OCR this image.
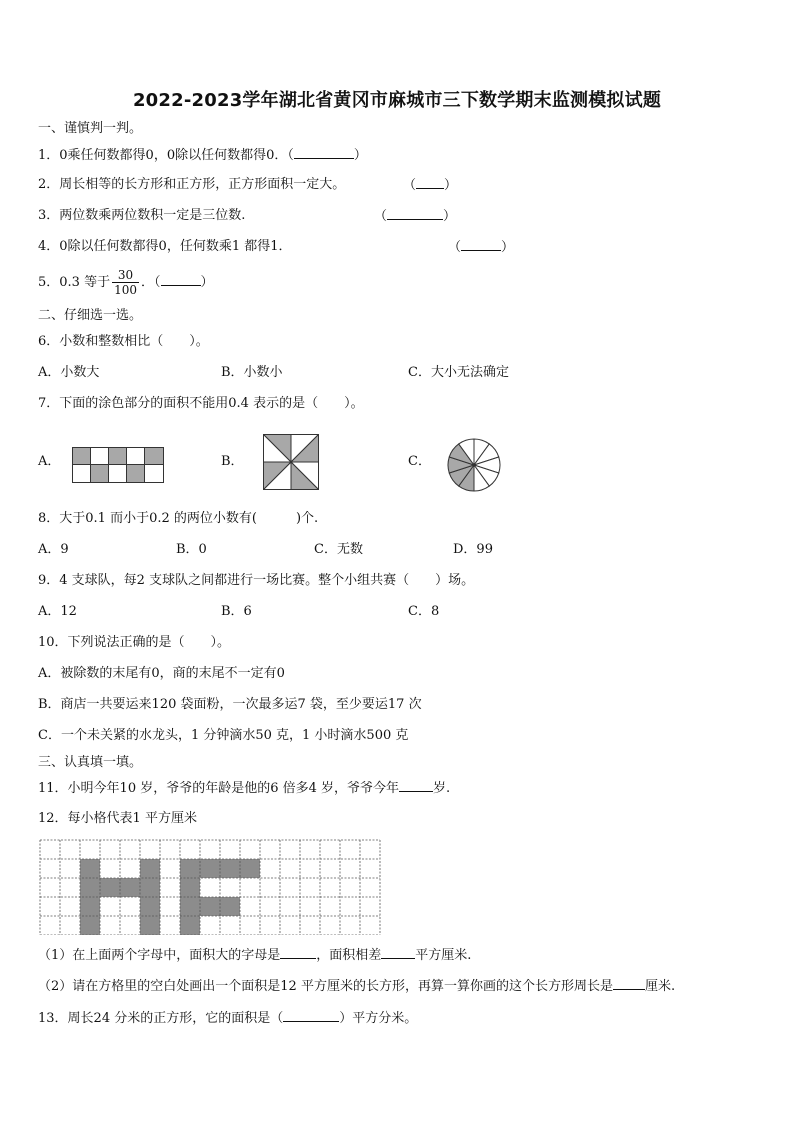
2022-2023学年湖北省黄冈市麻城市三下数学期末监测模拟试题
一、谨慎判一判。
1．0乘任何数都得0，0除以任何数都得0．（	）
2．周长相等的长方形和正方形，正方形面积一定大。	（ ）
3．两位数乘两位数积一定是三位数.	（	）
4．0除以任何数都得0，任何数乘1 都得1．	（	）
5．0.3 等于 $\frac{30}{100}$ ．（	）
二、仔细选一选。
6．小数和整数相比（　　）。
A．小数大	B．小数小	C．大小无法确定
7．下面的涂色部分的面积不能用0.4 表示的是（　　）。
A．	B．	C．
8．大于0.1 而小于0.2 的两位小数有(　　　)个.
A．9	B．0	C．无数	D．99
9．4 支球队，每2 支球队之间都进行一场比赛。整个小组共赛（　　）场。
A．12	B．6	C．8
10．下列说法正确的是（　　）。
A．被除数的末尾有0，商的末尾不一定有0
B．商店一共要运来120 袋面粉，一次最多运7 袋，至少要运17 次
C．一个未关紧的水龙头，1 分钟滴水50 克，1 小时滴水500 克
三、认真填一填。
11．小明今年10 岁，爷爷的年龄是他的6 倍多4 岁，爷爷今年	岁.
12．每小格代表1 平方厘米
（1）在上面两个字母中，面积大的字母是	，面积相差	平方厘米.
（2）请在方格里的空白处画出一个面积是12 平方厘米的长方形，再算一算你画的这个长方形周长是 厘米.
13．周长24 分米的正方形，它的面积是（	）平方分米。
